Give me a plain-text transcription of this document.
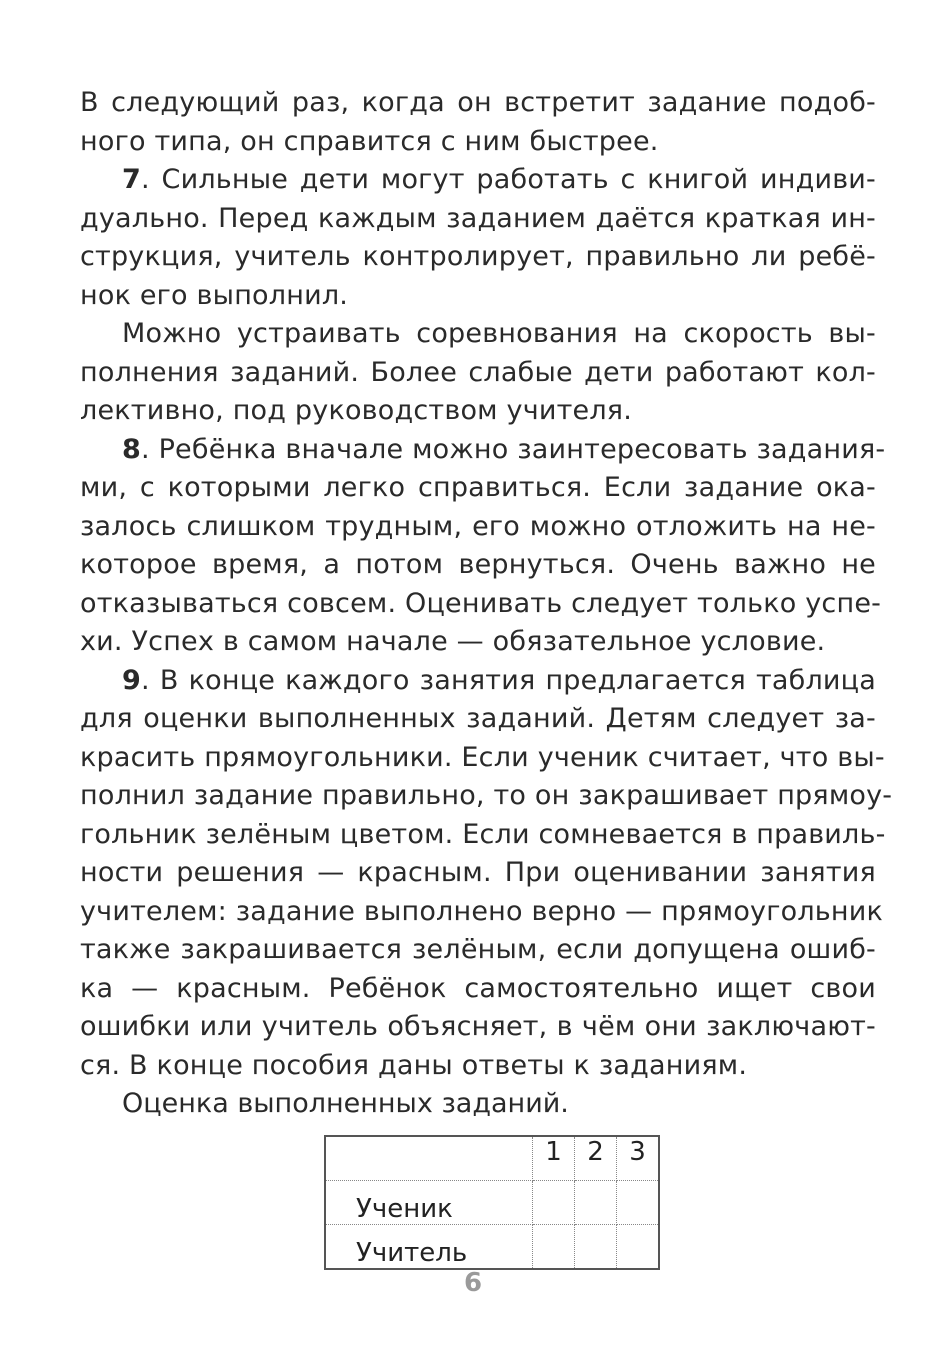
В следующий раз, когда он встретит задание подоб-
ного типа, он справится с ним быстрее.

7. Сильные дети могут работать с книгой индиви-
дуально. Перед каждым заданием даётся краткая ин-
струкция, учитель контролирует, правильно ли ребё-
нок его выполнил.

Можно устраивать соревнования на скорость вы-
полнения заданий. Более слабые дети работают кол-
лективно, под руководством учителя.

8. Ребёнка вначале можно заинтересовать задания-
ми, с которыми легко справиться. Если задание ока-
залось слишком трудным, его можно отложить на не-
которое время, а потом вернуться. Очень важно не
отказываться совсем. Оценивать следует только успе-
хи. Успех в самом начале — обязательное условие.

9. В конце каждого занятия предлагается таблица
для оценки выполненных заданий. Детям следует за-
красить прямоугольники. Если ученик считает, что вы-
полнил задание правильно, то он закрашивает прямоу-
гольник зелёным цветом. Если сомневается в правиль-
ности решения — красным. При оценивании занятия
учителем: задание выполнено верно — прямоугольник
также закрашивается зелёным, если допущена ошиб-
ка — красным. Ребёнок самостоятельно ищет свои
ошибки или учитель объясняет, в чём они заключают-
ся. В конце пособия даны ответы к заданиям.

Оценка выполненных заданий.

	1	2	3
Ученик			
Учитель			
6
